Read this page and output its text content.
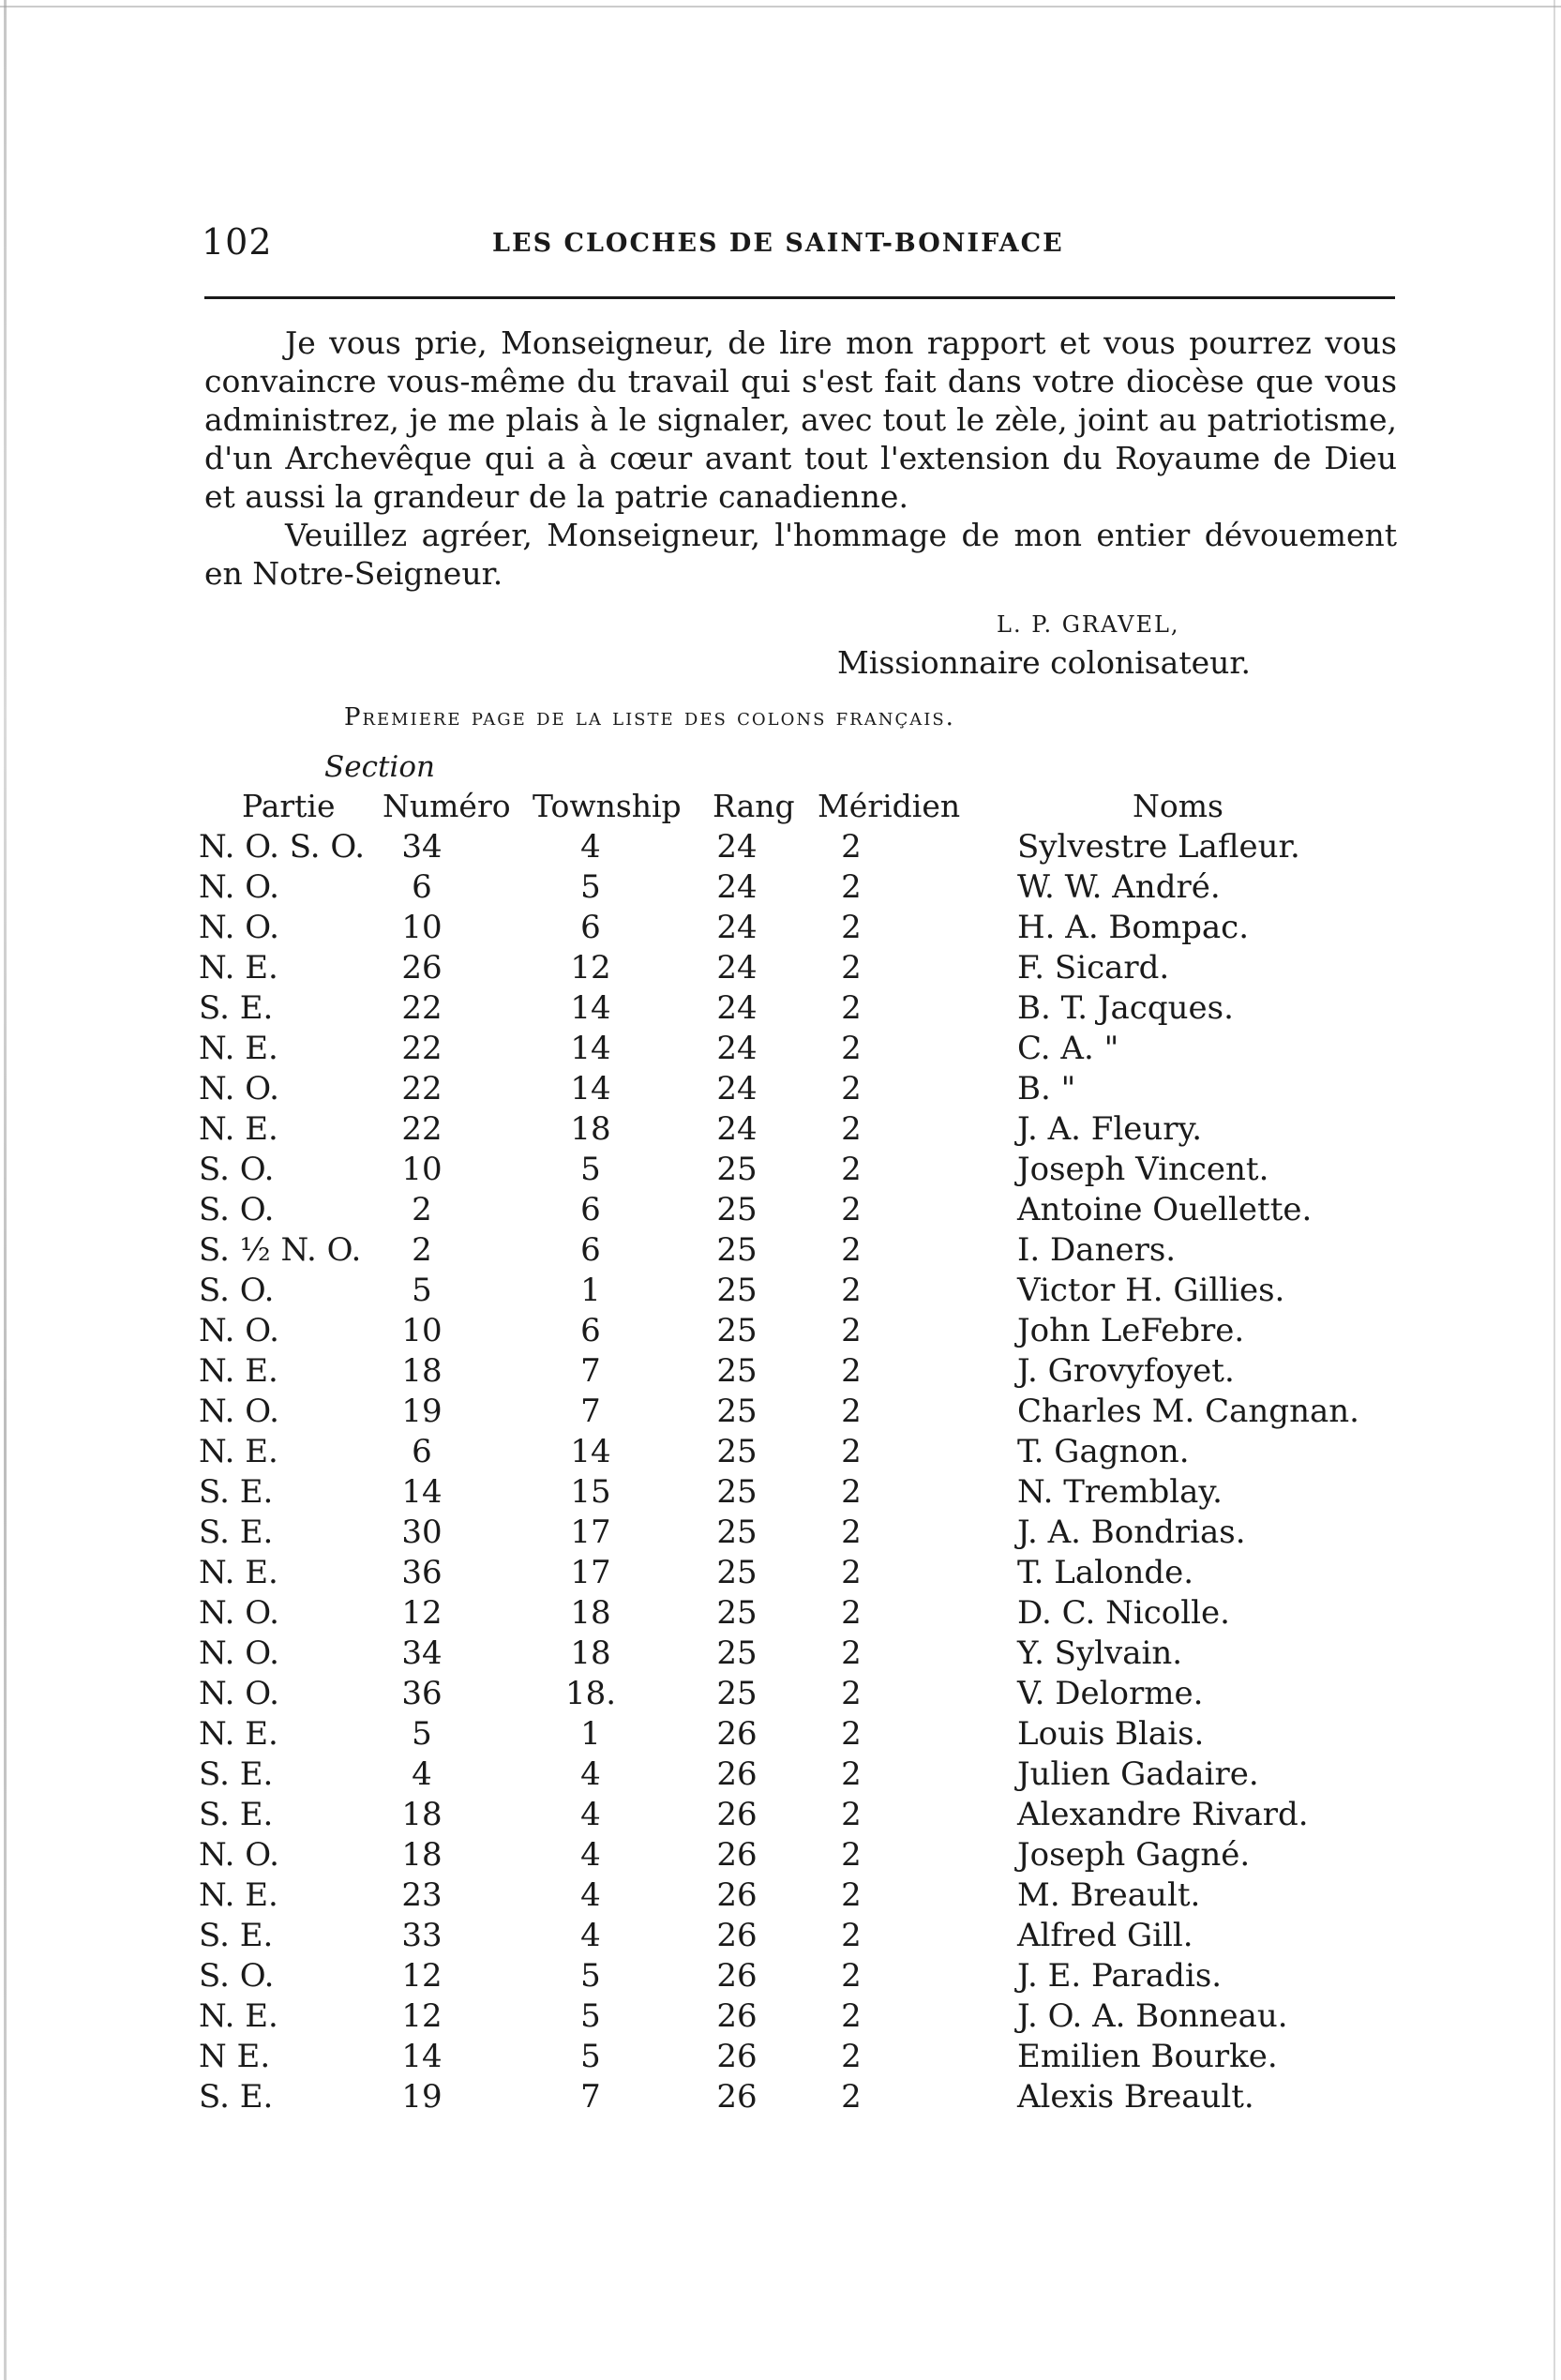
102	LES CLOCHES DE SAINT-BONIFACE

Je vous prie, Monseigneur, de lire mon rapport et vous pourrez vous convaincre vous-même du travail qui s'est fait dans votre diocèse que vous administrez, je me plais à le signaler, avec tout le zèle, joint au patriotisme, d'un Archevêque qui a à cœur avant tout l'extension du Royaume de Dieu et aussi la grandeur de la patrie canadienne.

Veuillez agréer, Monseigneur, l'hommage de mon entier dévouement en Notre-Seigneur.

L. P. GRAVEL,
Missionnaire colonisateur.
Premiere page de la liste des colons français.
Section
Partie Numéro Township Rang Méridien	Noms
N. O. S. O.	34	4	24	2	Sylvestre Lafleur.
N. O.	6	5	24	2	W. W. André.
N. O.	10	6	24	2	H. A. Bompac.
N. E.	26	12	24	2	F. Sicard.
S. E.	22	14	24	2	B. T. Jacques.
N. E.	22	14	24	2	C. A. "
N. O.	22	14	24	2	B. "
N. E.	22	18	24	2	J. A. Fleury.
S. O.	10	5	25	2	Joseph Vincent.
S. O.	2	6	25	2	Antoine Ouellette.
S. ½ N. O.	2	6	25	2	I. Daners.
S. O.	5	1	25	2	Victor H. Gillies.
N. O.	10	6	25	2	John LeFebre.
N. E.	18	7	25	2	J. Grovyfoyet.
N. O.	19	7	25	2	Charles M. Cangnan.
N. E.	6	14	25	2	T. Gagnon.
S. E.	14	15	25	2	N. Tremblay.
S. E.	30	17	25	2	J. A. Bondrias.
N. E.	36	17	25	2	T. Lalonde.
N. O.	12	18	25	2	D. C. Nicolle.
N. O.	34	18	25	2	Y. Sylvain.
N. O.	36	18.	25	2	V. Delorme.
N. E.	5	1	26	2	Louis Blais.
S. E.	4	4	26	2	Julien Gadaire.
S. E.	18	4	26	2	Alexandre Rivard.
N. O.	18	4	26	2	Joseph Gagné.
N. E.	23	4	26	2	M. Breault.
S. E.	33	4	26	2	Alfred Gill.
S. O.	12	5	26	2	J. E. Paradis.
N. E.	12	5	26	2	J. O. A. Bonneau.
N E.	14	5	26	2	Emilien Bourke.
S. E.	19	7	26	2	Alexis Breault.
